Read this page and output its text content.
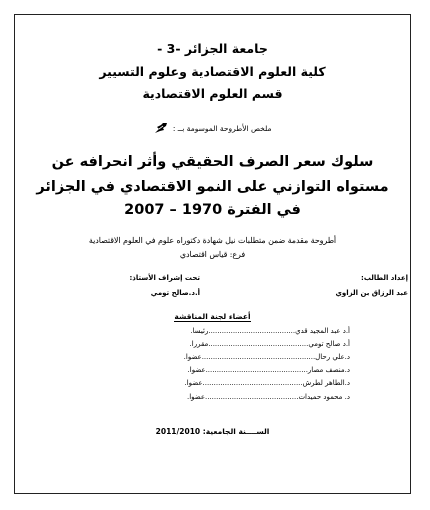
جامعة الجزائر -3 -
كلية العلوم الاقتصادية وعلوم التسيير
قسم العلوم الاقتصادية
ملخص الأطروحة الموسومة بــ :
سلوك سعر الصرف الحقيقي وأثر انحرافه عن
مستواه التوازني على النمو الاقتصادي في الجزائر
في الفترة 1970 – 2007
أطروحة مقدمة ضمن متطلبات نيل شهادة دكتوراه علوم في العلوم الاقتصادية
فرع: قياس اقتصادي
إعداد الطالب:
عبد الرزاق بن الزاوي
تحت إشراف الأستاذ:
أ.د.صالح تومي
أعضاء لجنة المناقشة
أ.د عبد المجيد قدي.......................................رئيسا.
أ.د صالح تومي.............................................مقررا.
د.علي رحال...................................................عضوا.
د.منصف مصار..............................................عضوا.
د.الطاهر لطرش.............................................عضوا.
د. محمود حميدات..........................................عضوا.
الســــنة الجامعية: 2011/2010
